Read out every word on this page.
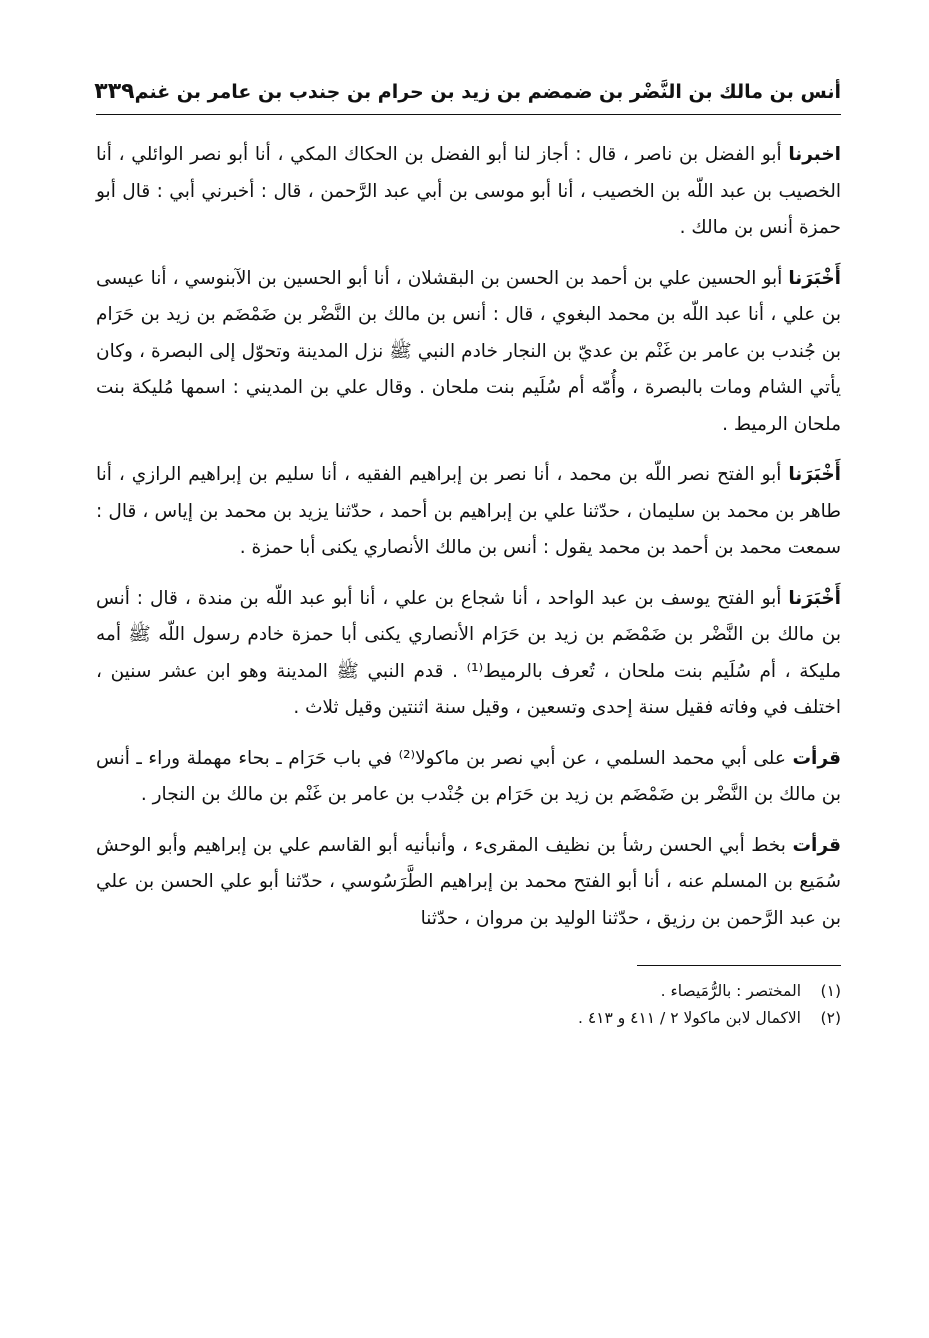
أنس بن مالك بن النَّضْر بن ضمضم بن زيد بن حرام بن جندب بن عامر بن غنم
٣٣٩

اخبرنا أبو الفضل بن ناصر ، قال : أجاز لنا أبو الفضل بن الحكاك المكي ، أنا أبو نصر الوائلي ، أنا الخصيب بن عبد اللّه بن الخصيب ، أنا أبو موسى بن أبي عبد الرَّحمن ، قال : أخبرني أبي : قال أبو حمزة أنس بن مالك .

أَخْبَرَنا أبو الحسين علي بن أحمد بن الحسن بن البقشلان ، أنا أبو الحسين بن الآبنوسي ، أنا عيسى بن علي ، أنا عبد اللّه بن محمد البغوي ، قال : أنس بن مالك بن النَّضْر بن ضَمْضَم بن زيد بن حَرَام بن جُندب بن عامر بن غَنْم بن عديّ بن النجار خادم النبي ﷺ نزل المدينة وتحوّل إلى البصرة ، وكان يأتي الشام ومات بالبصرة ، وأُمّه أم سُلَيم بنت ملحان . وقال علي بن المديني : اسمها مُليكة بنت ملحان الرميط .

أَخْبَرَنا أبو الفتح نصر اللّه بن محمد ، أنا نصر بن إبراهيم الفقيه ، أنا سليم بن إبراهيم الرازي ، أنا طاهر بن محمد بن سليمان ، حدّثنا علي بن إبراهيم بن أحمد ، حدّثنا يزيد بن محمد بن إياس ، قال : سمعت محمد بن أحمد بن محمد يقول : أنس بن مالك الأنصاري يكنى أبا حمزة .

أَخْبَرَنا أبو الفتح يوسف بن عبد الواحد ، أنا شجاع بن علي ، أنا أبو عبد اللّه بن مندة ، قال : أنس بن مالك بن النَّضْر بن ضَمْضَم بن زيد بن حَرَام الأنصاري يكنى أبا حمزة خادم رسول اللّه ﷺ أمه مليكة ، أم سُلَيم بنت ملحان ، تُعرف بالرميط⁽¹⁾ . قدم النبي ﷺ المدينة وهو ابن عشر سنين ، اختلف في وفاته فقيل سنة إحدى وتسعين ، وقيل سنة اثنتين وقيل ثلاث .

قرأت على أبي محمد السلمي ، عن أبي نصر بن ماكولا⁽²⁾ في باب حَرَام ـ بحاء مهملة وراء ـ أنس بن مالك بن النَّضْر بن ضَمْضَم بن زيد بن حَرَام بن جُنْدب بن عامر بن غَنْم بن مالك بن النجار .

قرأت بخط أبي الحسن رشأ بن نظيف المقرىء ، وأنبأنيه أبو القاسم علي بن إبراهيم وأبو الوحش سُمَيع بن المسلم عنه ، أنا أبو الفتح محمد بن إبراهيم الطَّرَسُوسي ، حدّثنا أبو علي الحسن بن علي بن عبد الرَّحمن بن رزيق ، حدّثنا الوليد بن مروان ، حدّثنا

(١)
المختصر : بالرُّمَيصاء .
(٢)
الاكمال لابن ماكولا ٢ / ٤١١ و ٤١٣ .
